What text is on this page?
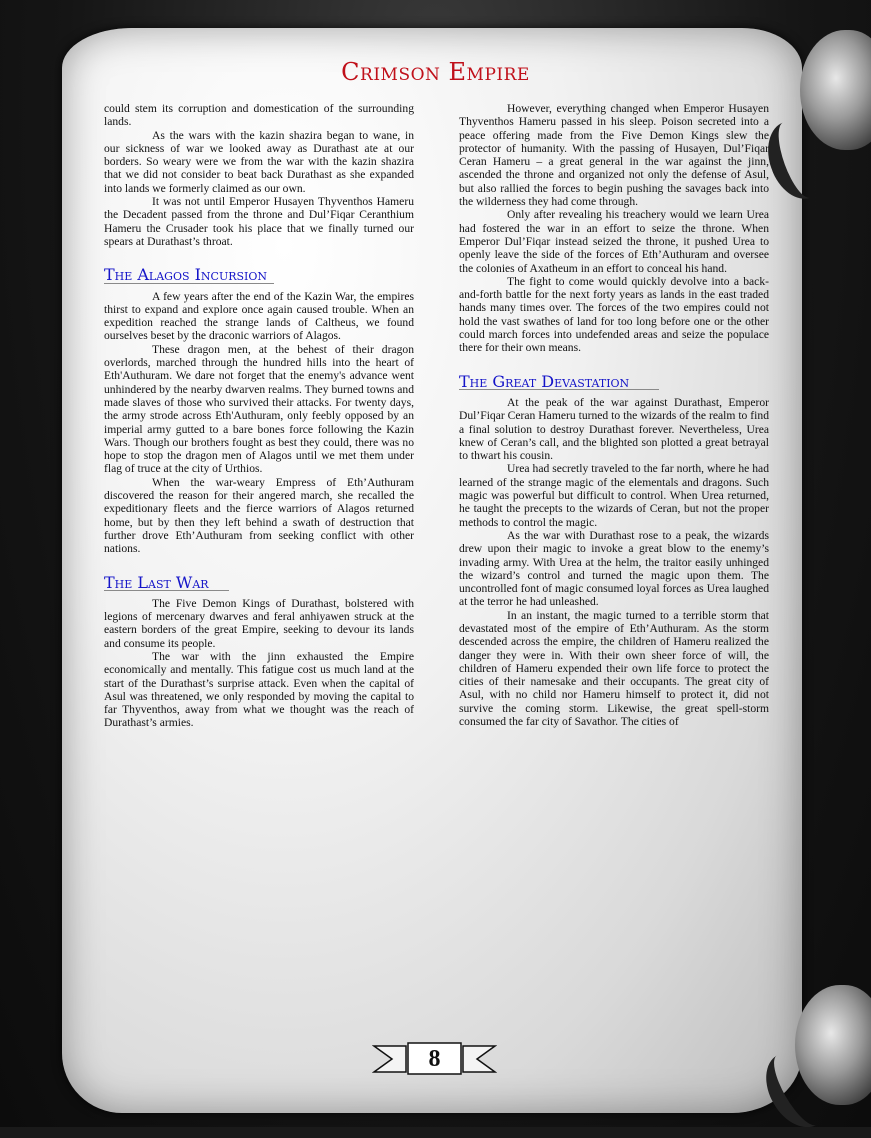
Crimson Empire

could stem its corruption and domestication of the surrounding lands.

As the wars with the kazin shazira began to wane, in our sickness of war we looked away as Durathast ate at our borders. So weary were we from the war with the kazin shazira that we did not consider to beat back Durathast as she expanded into lands we formerly claimed as our own.

It was not until Emperor Husayen Thyventhos Hameru the Decadent passed from the throne and Dul’Fiqar Ceranthium Hameru the Crusader took his place that we finally turned our spears at Durathast’s throat.

The Alagos Incursion

A few years after the end of the Kazin War, the empires thirst to expand and explore once again caused trouble. When an expedition reached the strange lands of Caltheus, we found ourselves beset by the draconic warriors of Alagos.

These dragon men, at the behest of their dragon overlords, marched through the hundred hills into the heart of Eth'Authuram. We dare not forget that the enemy's advance went unhindered by the nearby dwarven realms. They burned towns and made slaves of those who survived their attacks. For twenty days, the army strode across Eth'Authuram, only feebly opposed by an imperial army gutted to a bare bones force following the Kazin Wars. Though our brothers fought as best they could, there was no hope to stop the dragon men of Alagos until we met them under flag of truce at the city of Urthios.

When the war-weary Empress of Eth’Authuram discovered the reason for their angered march, she recalled the expeditionary fleets and the fierce warriors of Alagos returned home, but by then they left behind a swath of destruction that further drove Eth’Authuram from seeking conflict with other nations.

The Last War

The Five Demon Kings of Durathast, bolstered with legions of mercenary dwarves and feral anhiyawen struck at the eastern borders of the great Empire, seeking to devour its lands and consume its people.

The war with the jinn exhausted the Empire economically and mentally. This fatigue cost us much land at the start of the Durathast’s surprise attack. Even when the capital of Asul was threatened, we only responded by moving the capital to far Thyventhos, away from what we thought was the reach of Durathast’s armies.

However, everything changed when Emperor Husayen Thyventhos Hameru passed in his sleep. Poison secreted into a peace offering made from the Five Demon Kings slew the protector of humanity. With the passing of Husayen, Dul’Fiqar Ceran Hameru – a great general in the war against the jinn, ascended the throne and organized not only the defense of Asul, but also rallied the forces to begin pushing the savages back into the wilderness they had come through.

Only after revealing his treachery would we learn Urea had fostered the war in an effort to seize the throne. When Emperor Dul’Fiqar instead seized the throne, it pushed Urea to openly leave the side of the forces of Eth’Authuram and oversee the colonies of Axatheum in an effort to conceal his hand.

The fight to come would quickly devolve into a back-and-forth battle for the next forty years as lands in the east traded hands many times over. The forces of the two empires could not hold the vast swathes of land for too long before one or the other could march forces into undefended areas and seize the populace there for their own means.

The Great Devastation

At the peak of the war against Durathast, Emperor Dul’Fiqar Ceran Hameru turned to the wizards of the realm to find a final solution to destroy Durathast forever. Nevertheless, Urea knew of Ceran’s call, and the blighted son plotted a great betrayal to thwart his cousin.

Urea had secretly traveled to the far north, where he had learned of the strange magic of the elementals and dragons. Such magic was powerful but difficult to control. When Urea returned, he taught the precepts to the wizards of Ceran, but not the proper methods to control the magic.

As the war with Durathast rose to a peak, the wizards drew upon their magic to invoke a great blow to the enemy’s invading army. With Urea at the helm, the traitor easily unhinged the wizard’s control and turned the magic upon them. The uncontrolled font of magic consumed loyal forces as Urea laughed at the terror he had unleashed.

In an instant, the magic turned to a terrible storm that devastated most of the empire of Eth’Authuram. As the storm descended across the empire, the children of Hameru realized the danger they were in. With their own sheer force of will, the children of Hameru expended their own life force to protect the cities of their namesake and their occupants. The great city of Asul, with no child nor Hameru himself to protect it, did not survive the coming storm. Likewise, the great spell-storm consumed the far city of Savathor. The cities of

8
